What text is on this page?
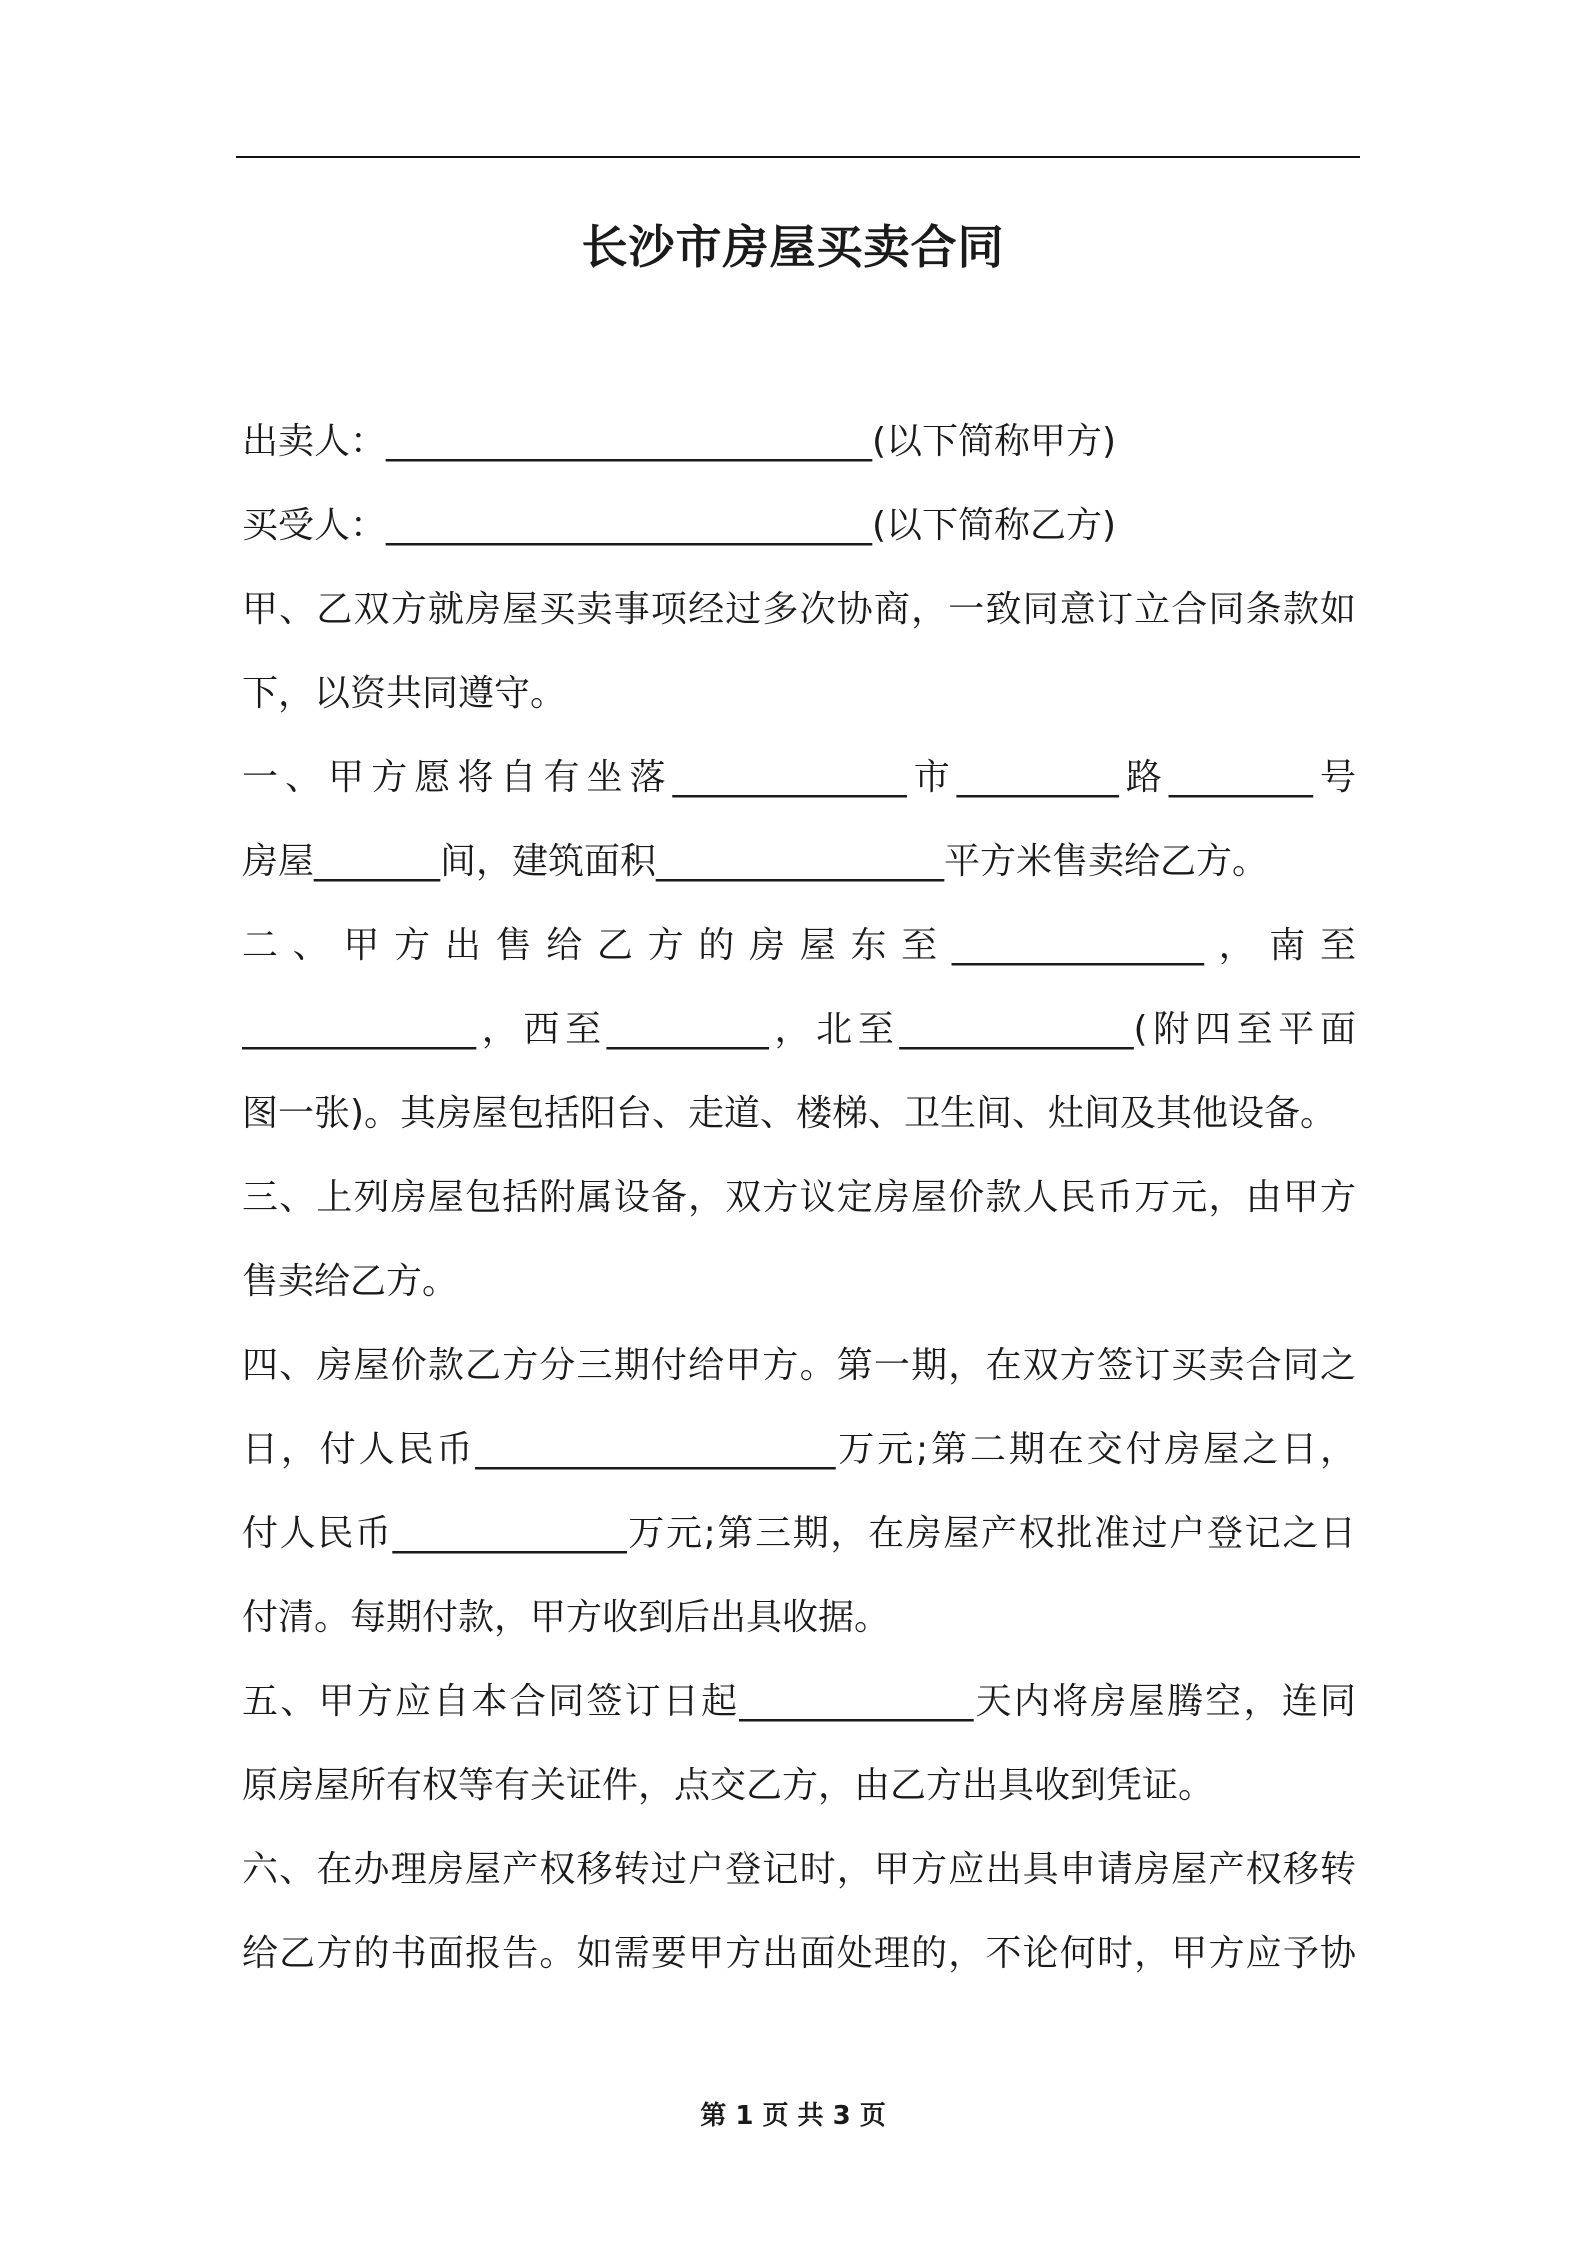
长沙市房屋买卖合同
出卖人：___________________________(以下简称甲方)
买受人：___________________________(以下简称乙方)
甲、乙双方就房屋买卖事项经过多次协商，一致同意订立合同条款如
下，以资共同遵守。
一、甲方愿将自有坐落_____________市_________路________号
房屋_______间，建筑面积________________平方米售卖给乙方。
二、甲方出售给乙方的房屋东至______________，南至
_____________，西至_________，北至_____________(附四至平面
图一张)。其房屋包括阳台、走道、楼梯、卫生间、灶间及其他设备。
三、上列房屋包括附属设备，双方议定房屋价款人民币万元，由甲方
售卖给乙方。
四、房屋价款乙方分三期付给甲方。第一期，在双方签订买卖合同之
日，付人民币____________________万元;第二期在交付房屋之日，
付人民币_____________万元;第三期，在房屋产权批准过户登记之日
付清。每期付款，甲方收到后出具收据。
五、甲方应自本合同签订日起_____________天内将房屋腾空，连同
原房屋所有权等有关证件，点交乙方，由乙方出具收到凭证。
六、在办理房屋产权移转过户登记时，甲方应出具申请房屋产权移转
给乙方的书面报告。如需要甲方出面处理的，不论何时，甲方应予协
第 1 页 共 3 页
